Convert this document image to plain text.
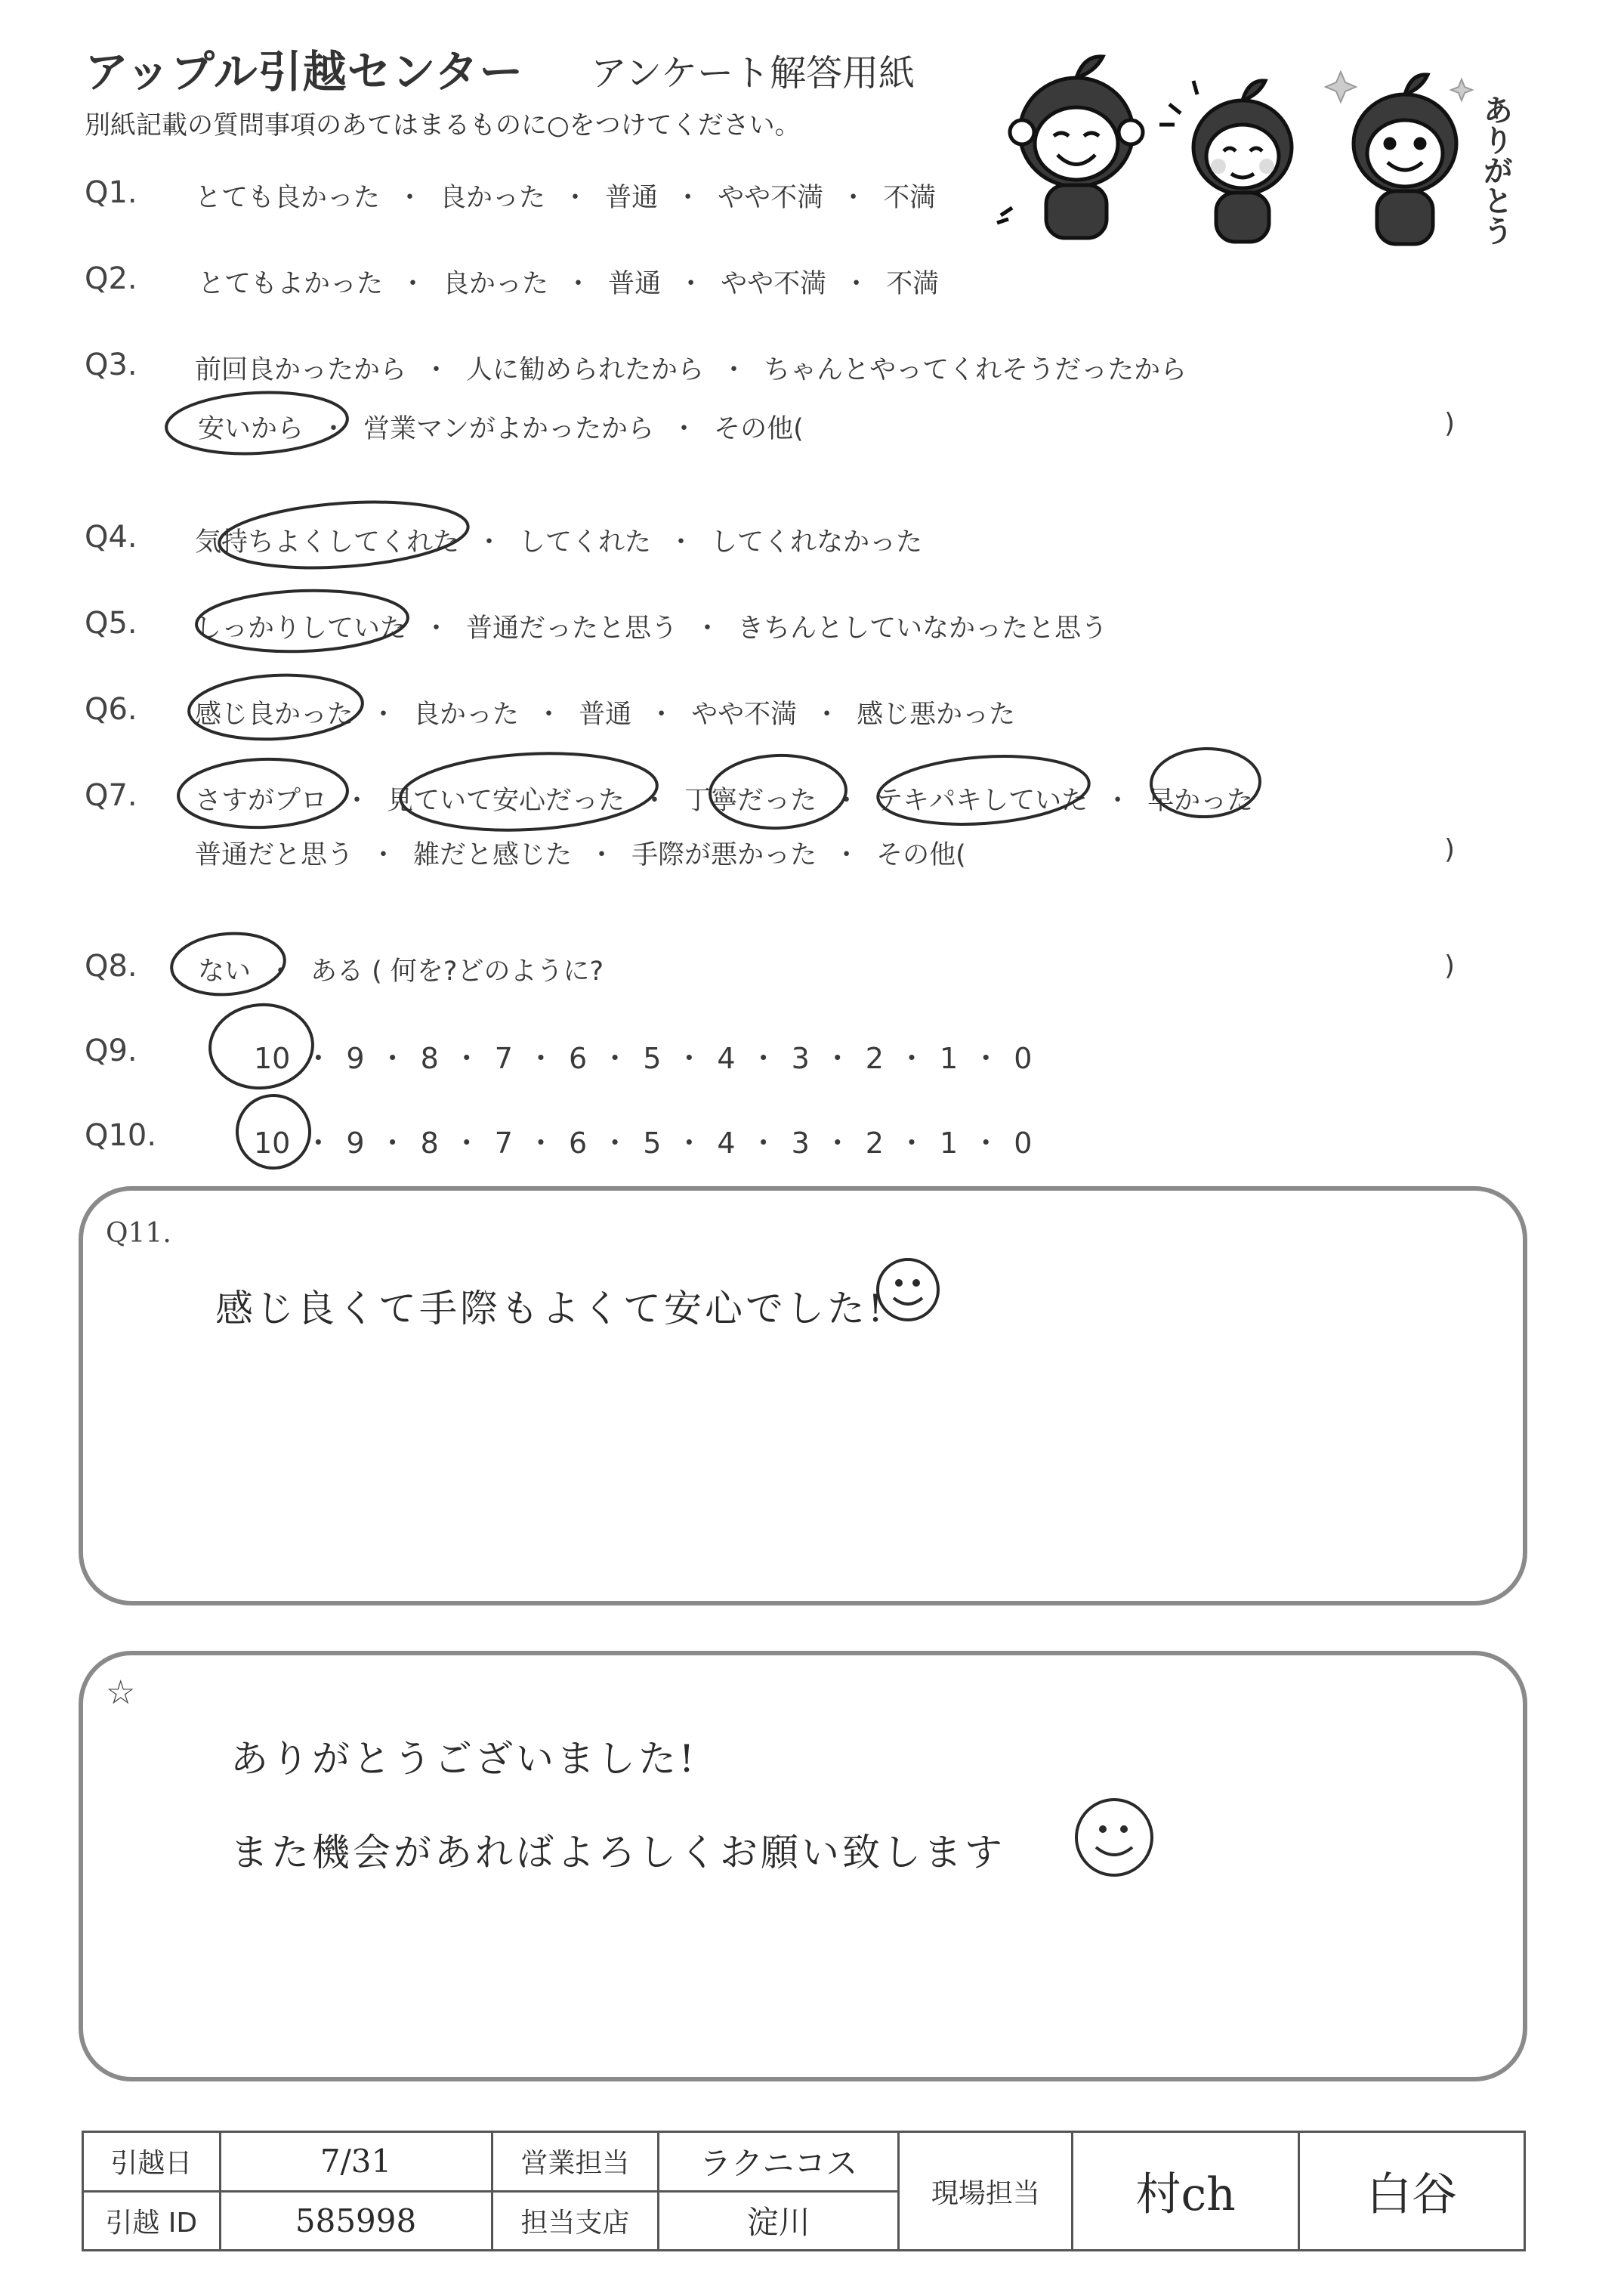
アップル引越センター アンケート解答用紙
別紙記載の質問事項のあてはまるものに○をつけてください。	ありがとう
Q1. とても良かった ・ 良かった ・ 普通 ・ やや不満 ・ 不満
Q2. とてもよかった ・ 良かった ・ 普通 ・ やや不満 ・ 不満
Q3. 前回良かったから ・ 人に勧められたから ・ ちゃんとやってくれそうだったから
安いから ・ 営業マンがよかったから ・ その他(	)
Q4. 気持ちよくしてくれた ・ してくれた ・ してくれなかった
Q5. しっかりしていた ・ 普通だったと思う ・ きちんとしていなかったと思う
Q6. 感じ良かった ・ 良かった ・ 普通 ・ やや不満 ・ 感じ悪かった
Q7. さすがプロ ・ 見ていて安心だった ・ 丁寧だった ・ テキパキしていた ・ 早かった
普通だと思う ・ 雑だと感じた ・ 手際が悪かった ・ その他(	)
Q8. ない ・ ある ( 何を?どのように?	)
Q9.	10 ・ 9 ・ 8 ・ 7 ・ 6 ・ 5 ・ 4 ・ 3 ・ 2 ・ 1 ・ 0
Q10.	10 ・ 9 ・ 8 ・ 7 ・ 6 ・ 5 ・ 4 ・ 3 ・ 2 ・ 1 ・ 0
Q11.
感じ良くて手際もよくて安心でした!
☆
ありがとうございました!
また機会があればよろしくお願い致します
引越日	7/31	営業担当	ラクニコス	現場担当	村ch	白谷
引越 ID	585998	担当支店	淀川			
